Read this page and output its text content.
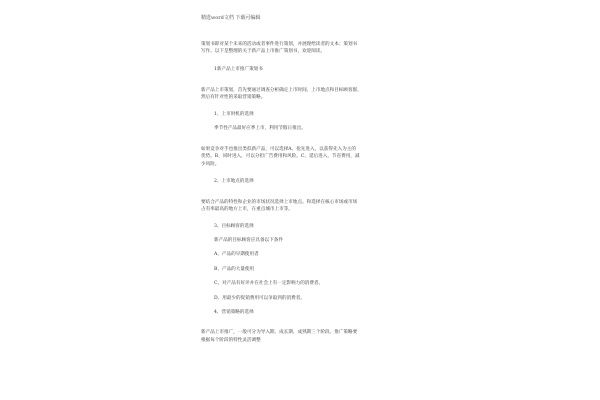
精选word文档 下载可编辑
策划书即对某个未来的活动或者事件进行策划，并展现给读者的文本；策划书
写作。以下是整理的关于新产品上市推广策划书，欢迎阅读。
1新产品上市推广策划书
新产品上市策划，首先要通过调查分析确定上市时间、上市地点和目标顾客群，
然后有针对性的采取营销策略。
1、上市时机的选择
季节性产品最好应季上市，利用节假日推出。
如果竞争对手也推出类似新产品，可以选择A、抢先进入，以获得先入为主的
优势。B、同时进入，可以分担广告费用和风险。C、延后进入，节省费用，减
少风险。
2、上市地点的选择
要结合产品的特性和企业的市场状况选择上市地点。和选择在核心市场或市场
占有率最高的地方上市，在重点城市上市等。
3、目标顾客的选择
新产品的目标顾客应具备以下条件
A、产品的早期使用者
B、产品的大量使用
C、对产品有好评并在社会上有一定影响力的消费者。
D、用最少的促销费用可以争取到的消费者。
4、营销策略的选择
新产品上市推广，一般可分为导入期、成长期、成熟期三个阶段。推广策略要
根据每个阶段的特性灵活调整
